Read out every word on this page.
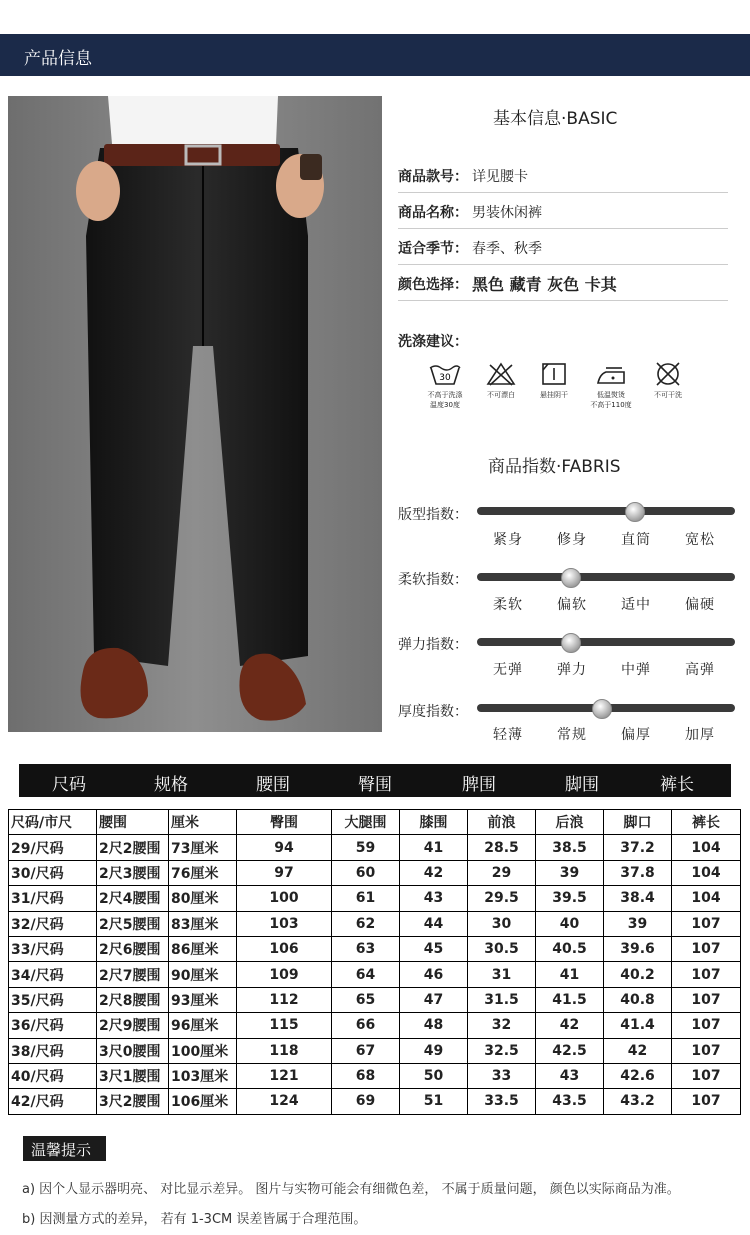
产品信息
基本信息·BASIC
商品款号： 详见腰卡
商品名称： 男装休闲裤
适合季节： 春季、秋季
颜色选择： 黑色 藏青 灰色 卡其
洗涤建议：
30
不高于洗涤
温度30度
不可漂白	悬挂阴干	低温熨烫
不高于110度
不可干洗
商品指数·FABRIS
版型指数：
紧身	修身	直筒	宽松
柔软指数：
柔软	偏软	适中	偏硬
弹力指数：
无弹	弹力	中弹	高弹
厚度指数：
轻薄	常规	偏厚	加厚
尺码	规格	腰围	臀围	脾围	脚围	裤长
尺码/市尺	腰围	厘米	臀围	大腿围	膝围	前浪	后浪	脚口	裤长
29/尺码	2尺2腰围	73厘米	94	59	41	28.5	38.5	37.2	104
30/尺码	2尺3腰围	76厘米	97	60	42	29	39	37.8	104
31/尺码	2尺4腰围	80厘米	100	61	43	29.5	39.5	38.4	104
32/尺码	2尺5腰围	83厘米	103	62	44	30	40	39	107
33/尺码	2尺6腰围	86厘米	106	63	45	30.5	40.5	39.6	107
34/尺码	2尺7腰围	90厘米	109	64	46	31	41	40.2	107
35/尺码	2尺8腰围	93厘米	112	65	47	31.5	41.5	40.8	107
36/尺码	2尺9腰围	96厘米	115	66	48	32	42	41.4	107
38/尺码	3尺0腰围	100厘米	118	67	49	32.5	42.5	42	107
40/尺码	3尺1腰围	103厘米	121	68	50	33	43	42.6	107
42/尺码	3尺2腰围	106厘米	124	69	51	33.5	43.5	43.2	107
温馨提示
a) 因个人显示器明亮、 对比显示差异。 图片与实物可能会有细微色差， 不属于质量问题， 颜色以实际商品为准。
b) 因测量方式的差异， 若有 1-3CM 误差皆属于合理范围。
